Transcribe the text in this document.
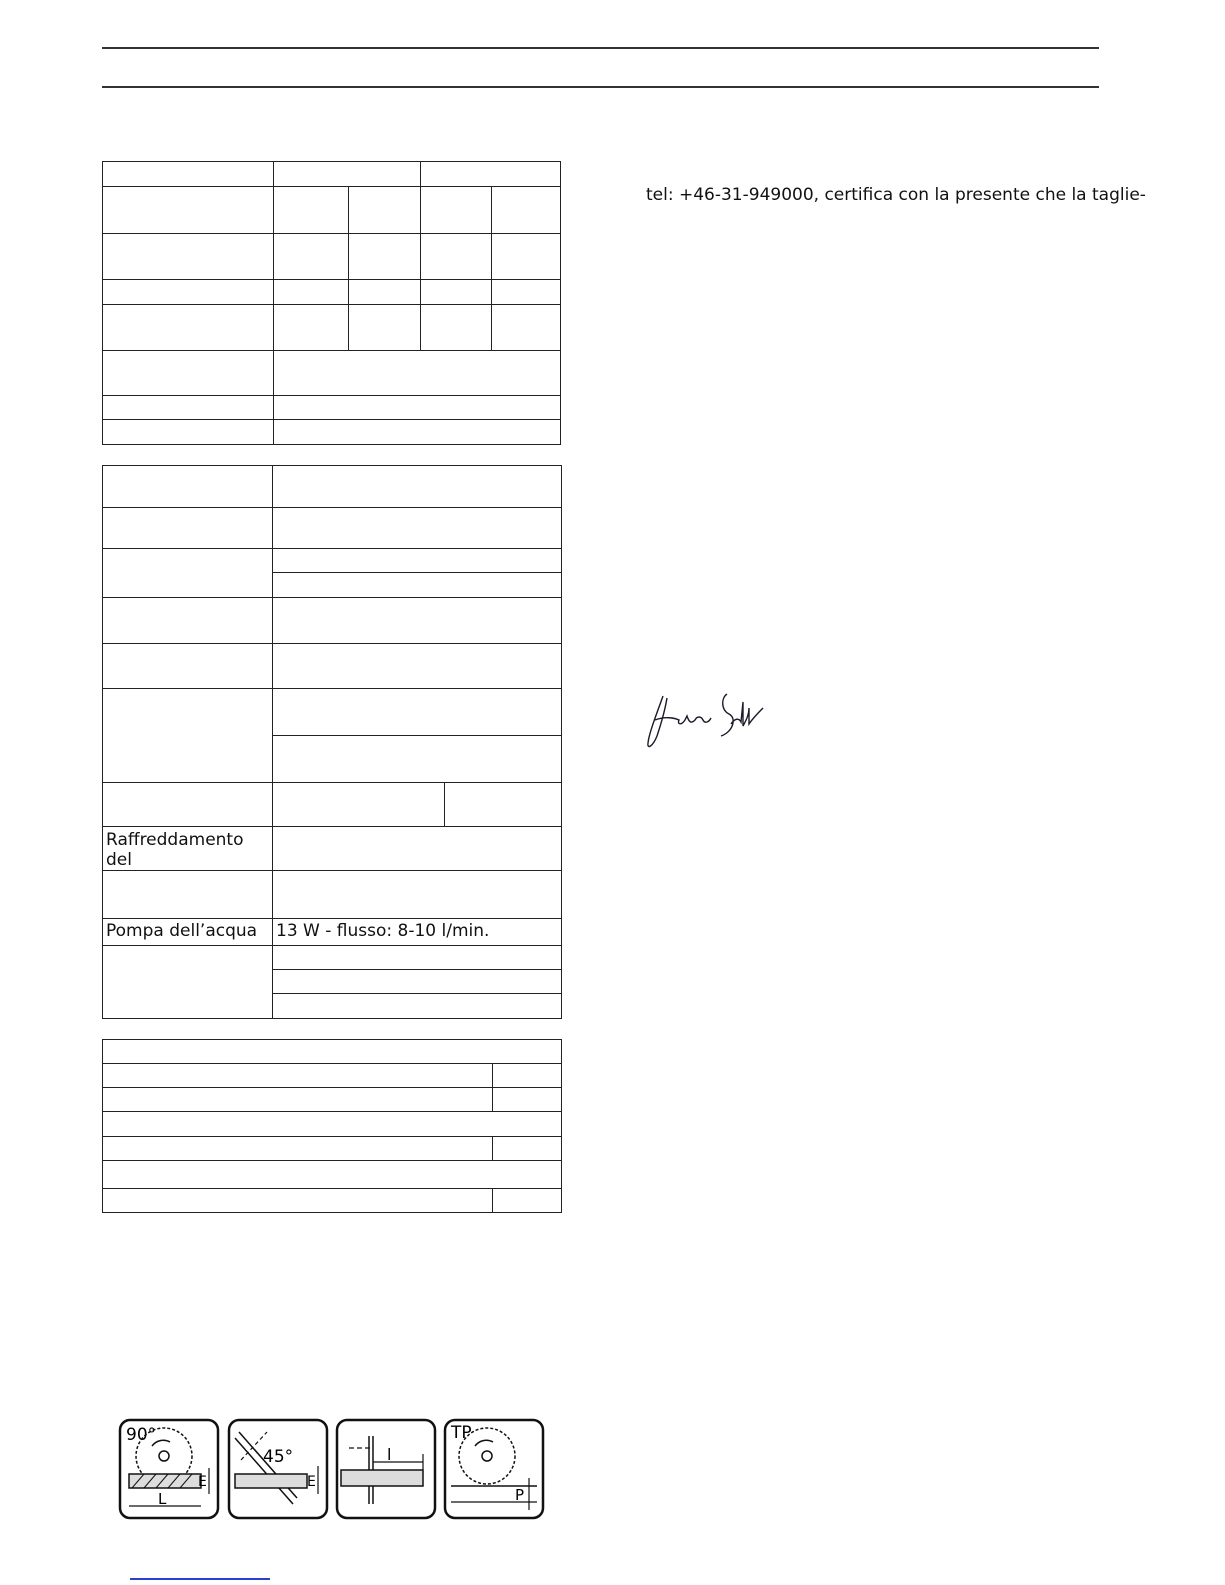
Raffreddamento del		

Pompa dell’acqua	13 W - flusso: 8-10 l/min.	

tel: +46-31-949000, certifica con la presente che la taglie-
90°
E
L
45°
E
l
TP
P
